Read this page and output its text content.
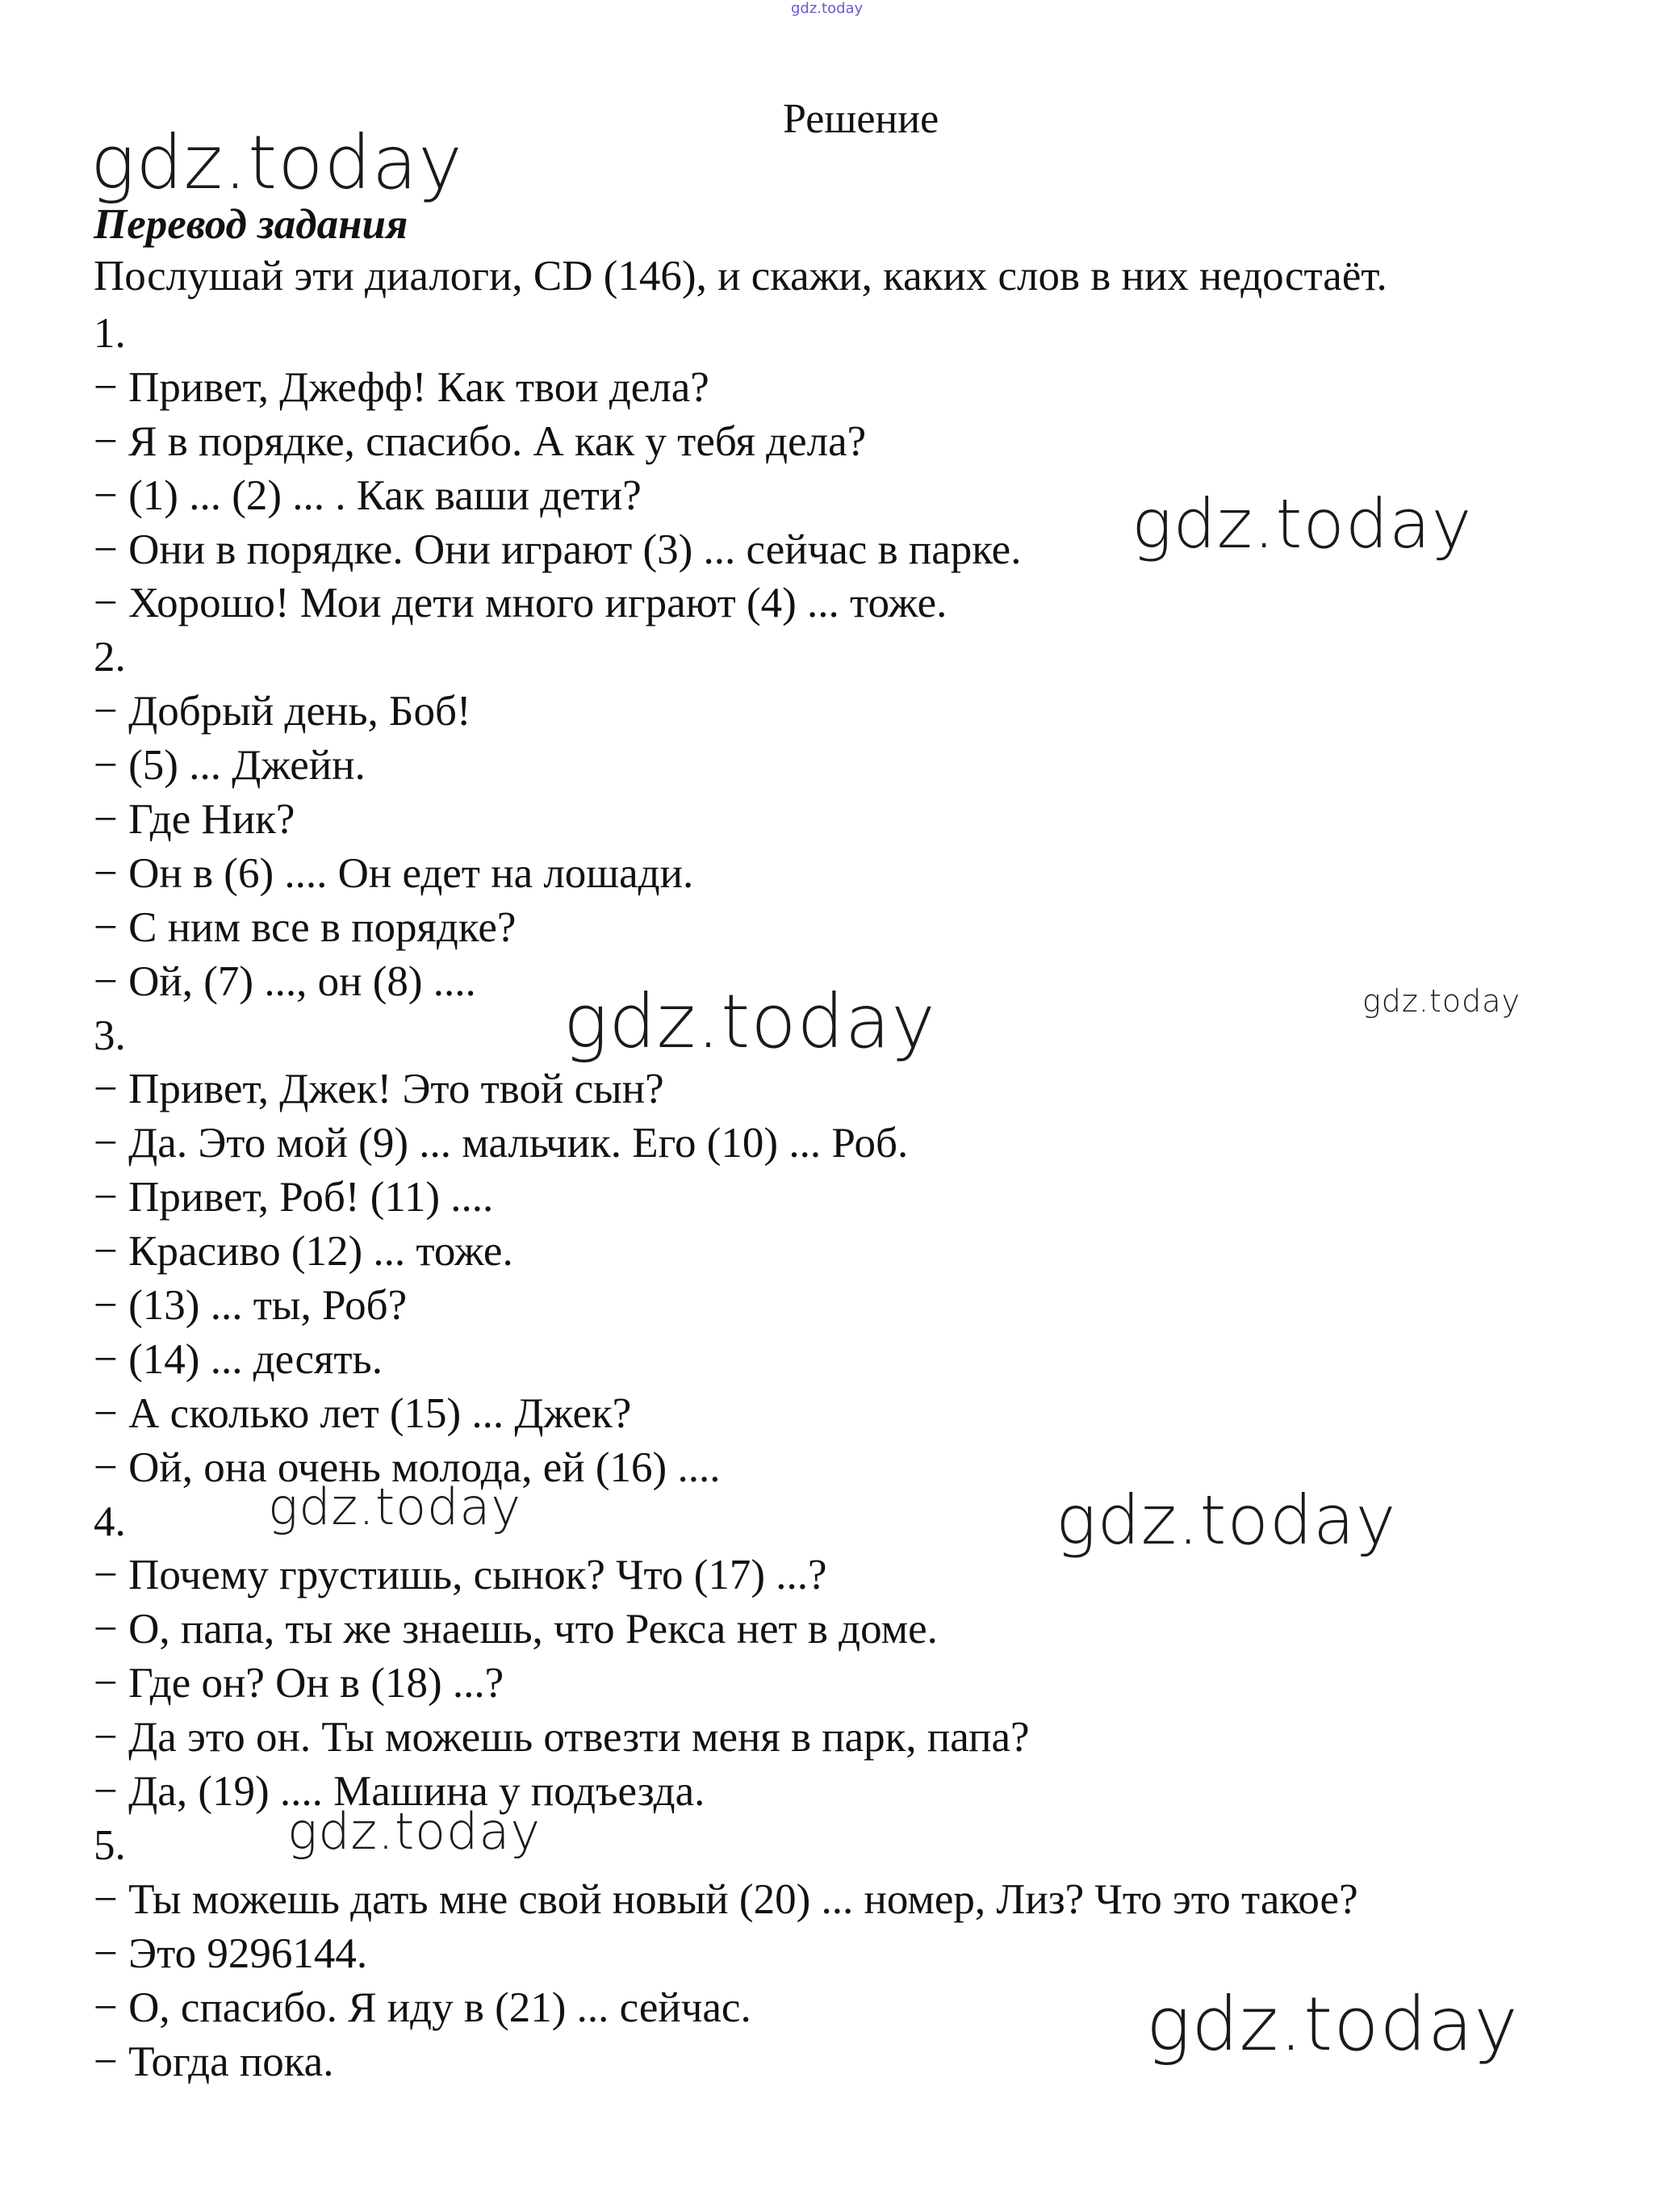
gdz.today
Решение
Перевод задания
Послушай эти диалоги, CD (146), и скажи, каких слов в них недостаёт.
1.
− Привет, Джефф! Как твои дела?
− Я в порядке, спасибо. А как у тебя дела?
− (1) ... (2) ... . Как ваши дети?
− Они в порядке. Они играют (3) ... сейчас в парке.
− Хорошо! Мои дети много играют (4) ... тоже.
2.
− Добрый день, Боб!
− (5) ... Джейн.
− Где Ник?
− Он в (6) .... Он едет на лошади.
− С ним все в порядке?
− Ой, (7) ..., он (8) ....
3.
− Привет, Джек! Это твой сын?
− Да. Это мой (9) ... мальчик. Его (10) ... Роб.
− Привет, Роб! (11) ....
− Красиво (12) ... тоже.
− (13) ... ты, Роб?
− (14) ... десять.
− А сколько лет (15) ... Джек?
− Ой, она очень молода, ей (16) ....
4.
− Почему грустишь, сынок? Что (17) ...?
− О, папа, ты же знаешь, что Рекса нет в доме.
− Где он? Он в (18) ...?
− Да это он. Ты можешь отвезти меня в парк, папа?
− Да, (19) .... Машина у подъезда.
5.
− Ты можешь дать мне свой новый (20) ... номер, Лиз? Что это такое?
− Это 9296144.
− О, спасибо. Я иду в (21) ... сейчас.
− Тогда пока.
gdz.today
gdz.today
gdz.today	gdz.today
gdz.today	gdz.today
gdz.today
gdz.today
